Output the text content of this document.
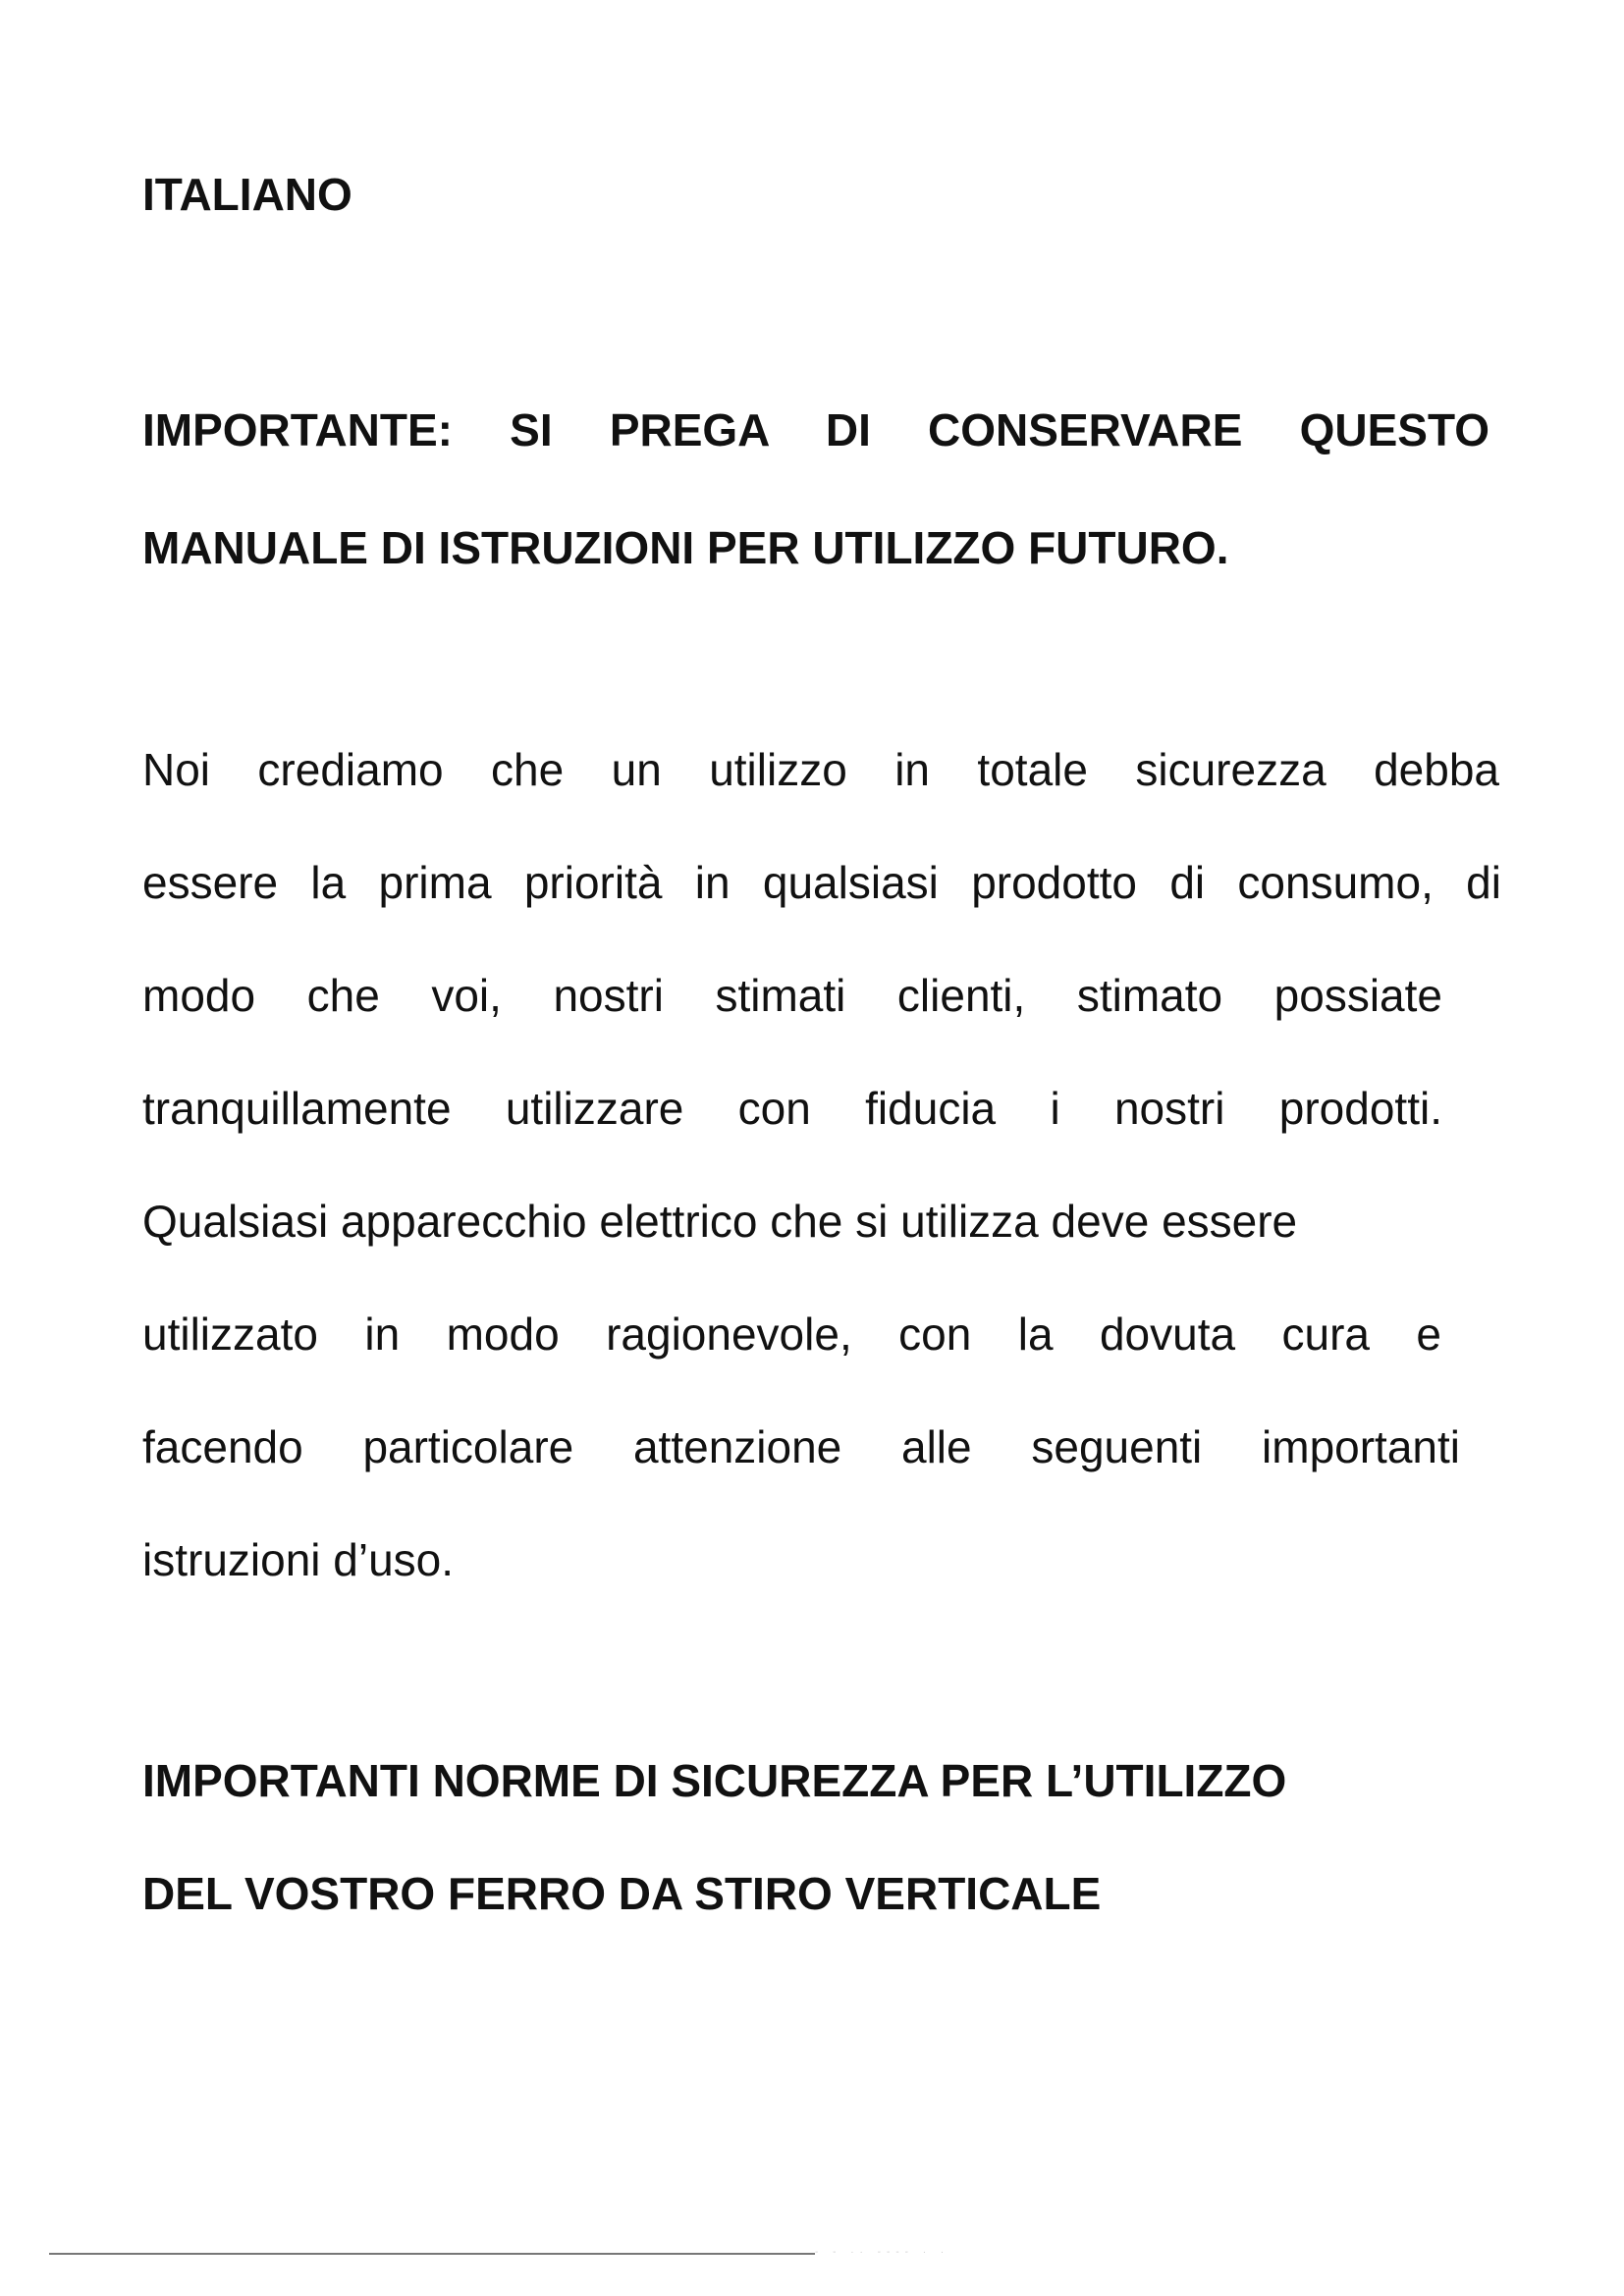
ITALIANO
IMPORTANTE: SI PREGA DI CONSERVARE QUESTO
MANUALE DI ISTRUZIONI PER UTILIZZO FUTURO.
Noi crediamo che un utilizzo in totale sicurezza debba
essere la prima priorità in qualsiasi prodotto di consumo, di
modo che voi, nostri stimati clienti, stimato possiate
tranquillamente utilizzare con fiducia i nostri prodotti.
Qualsiasi apparecchio elettrico che si utilizza deve essere
utilizzato in modo ragionevole, con la dovuta cura e
facendo particolare attenzione alle seguenti importanti
istruzioni d’uso.
IMPORTANTI NORME DI SICUREZZA PER L’UTILIZZO
DEL VOSTRO FERRO DA STIRO VERTICALE
- - ·· ---- · ·
